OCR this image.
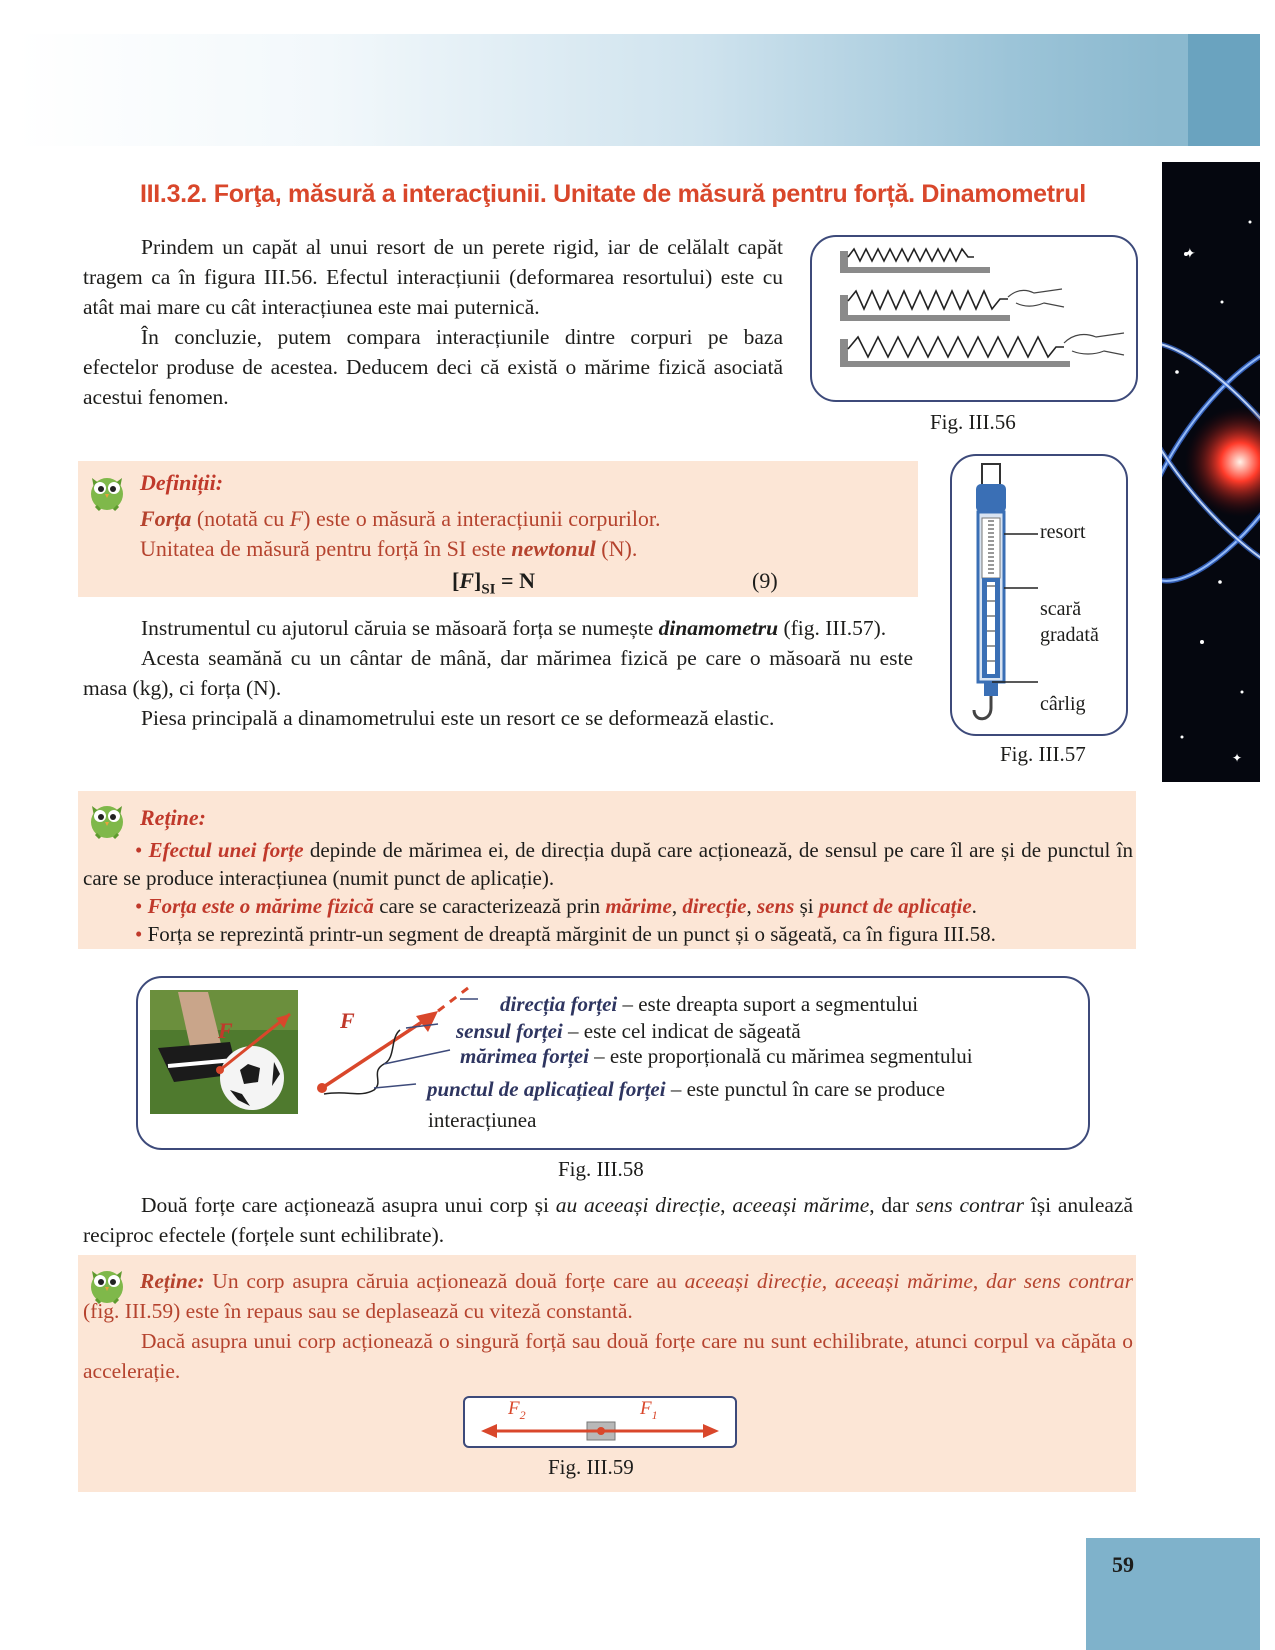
✦
✦
III.3.2. Forţa, măsură a interacţiunii. Unitate de măsură pentru forță. Dinamometrul

Prindem un capăt al unui resort de un perete rigid, iar de celălalt capăt tragem ca în figura III.56. Efectul interacțiunii (deformarea resortului) este cu atât mai mare cu cât interacțiunea este mai puternică.

În concluzie, putem compara interacțiunile dintre corpuri pe baza efectelor produse de acestea. Deducem deci că există o mărime fizică asociată acestui fenomen.

Fig. III.56
Definiții:
Forța (notată cu F) este o măsură a interacțiunii corpurilor.
Unitatea de măsură pentru forță în SI este newtonul (N).
$[F]_{SI} = N$	(9)

Instrumentul cu ajutorul căruia se măsoară forța se numește dinamometru (fig. III.57).

Acesta seamănă cu un cântar de mână, dar mărimea fizică pe care o măsoară nu este masa (kg), ci forța (N).

Piesa principală a dinamometrului este un resort ce se deformează elastic.

resort
scară
gradată
cârlig
Fig. III.57
Reține:

• Efectul unei forțe depinde de mărimea ei, de direcția după care acționează, de sensul pe care îl are și de punctul în care se produce interacțiunea (numit punct de aplicație).

• Forța este o mărime fizică care se caracterizează prin mărime, direcție, sens și punct de aplicație.

• Forța se reprezintă printr-un segment de dreaptă mărginit de un punct și o săgeată, ca în figura III.58.

F	F
direcția forței – este dreapta suport a segmentului
sensul forței – este cel indicat de săgeată
mărimea forței – este proporțională cu mărimea segmentului
punctul de aplicațieal forței – este punctul în care se produce
interacțiunea
Fig. III.58

Două forțe care acționează asupra unui corp și au aceeași direcție, aceeași mărime, dar sens contrar își anulează reciproc efectele (forțele sunt echilibrate).

Reține: Un corp asupra căruia acționează două forțe care au aceeași direcție, aceeași mărime, dar sens contrar (fig. III.59) este în repaus sau se deplasează cu viteză constantă.

Dacă asupra unui corp acționează o singură forță sau două forțe care nu sunt echilibrate, atunci corpul va căpăta o accelerație.

$F_2$	$F_1$
Fig. III.59
59
